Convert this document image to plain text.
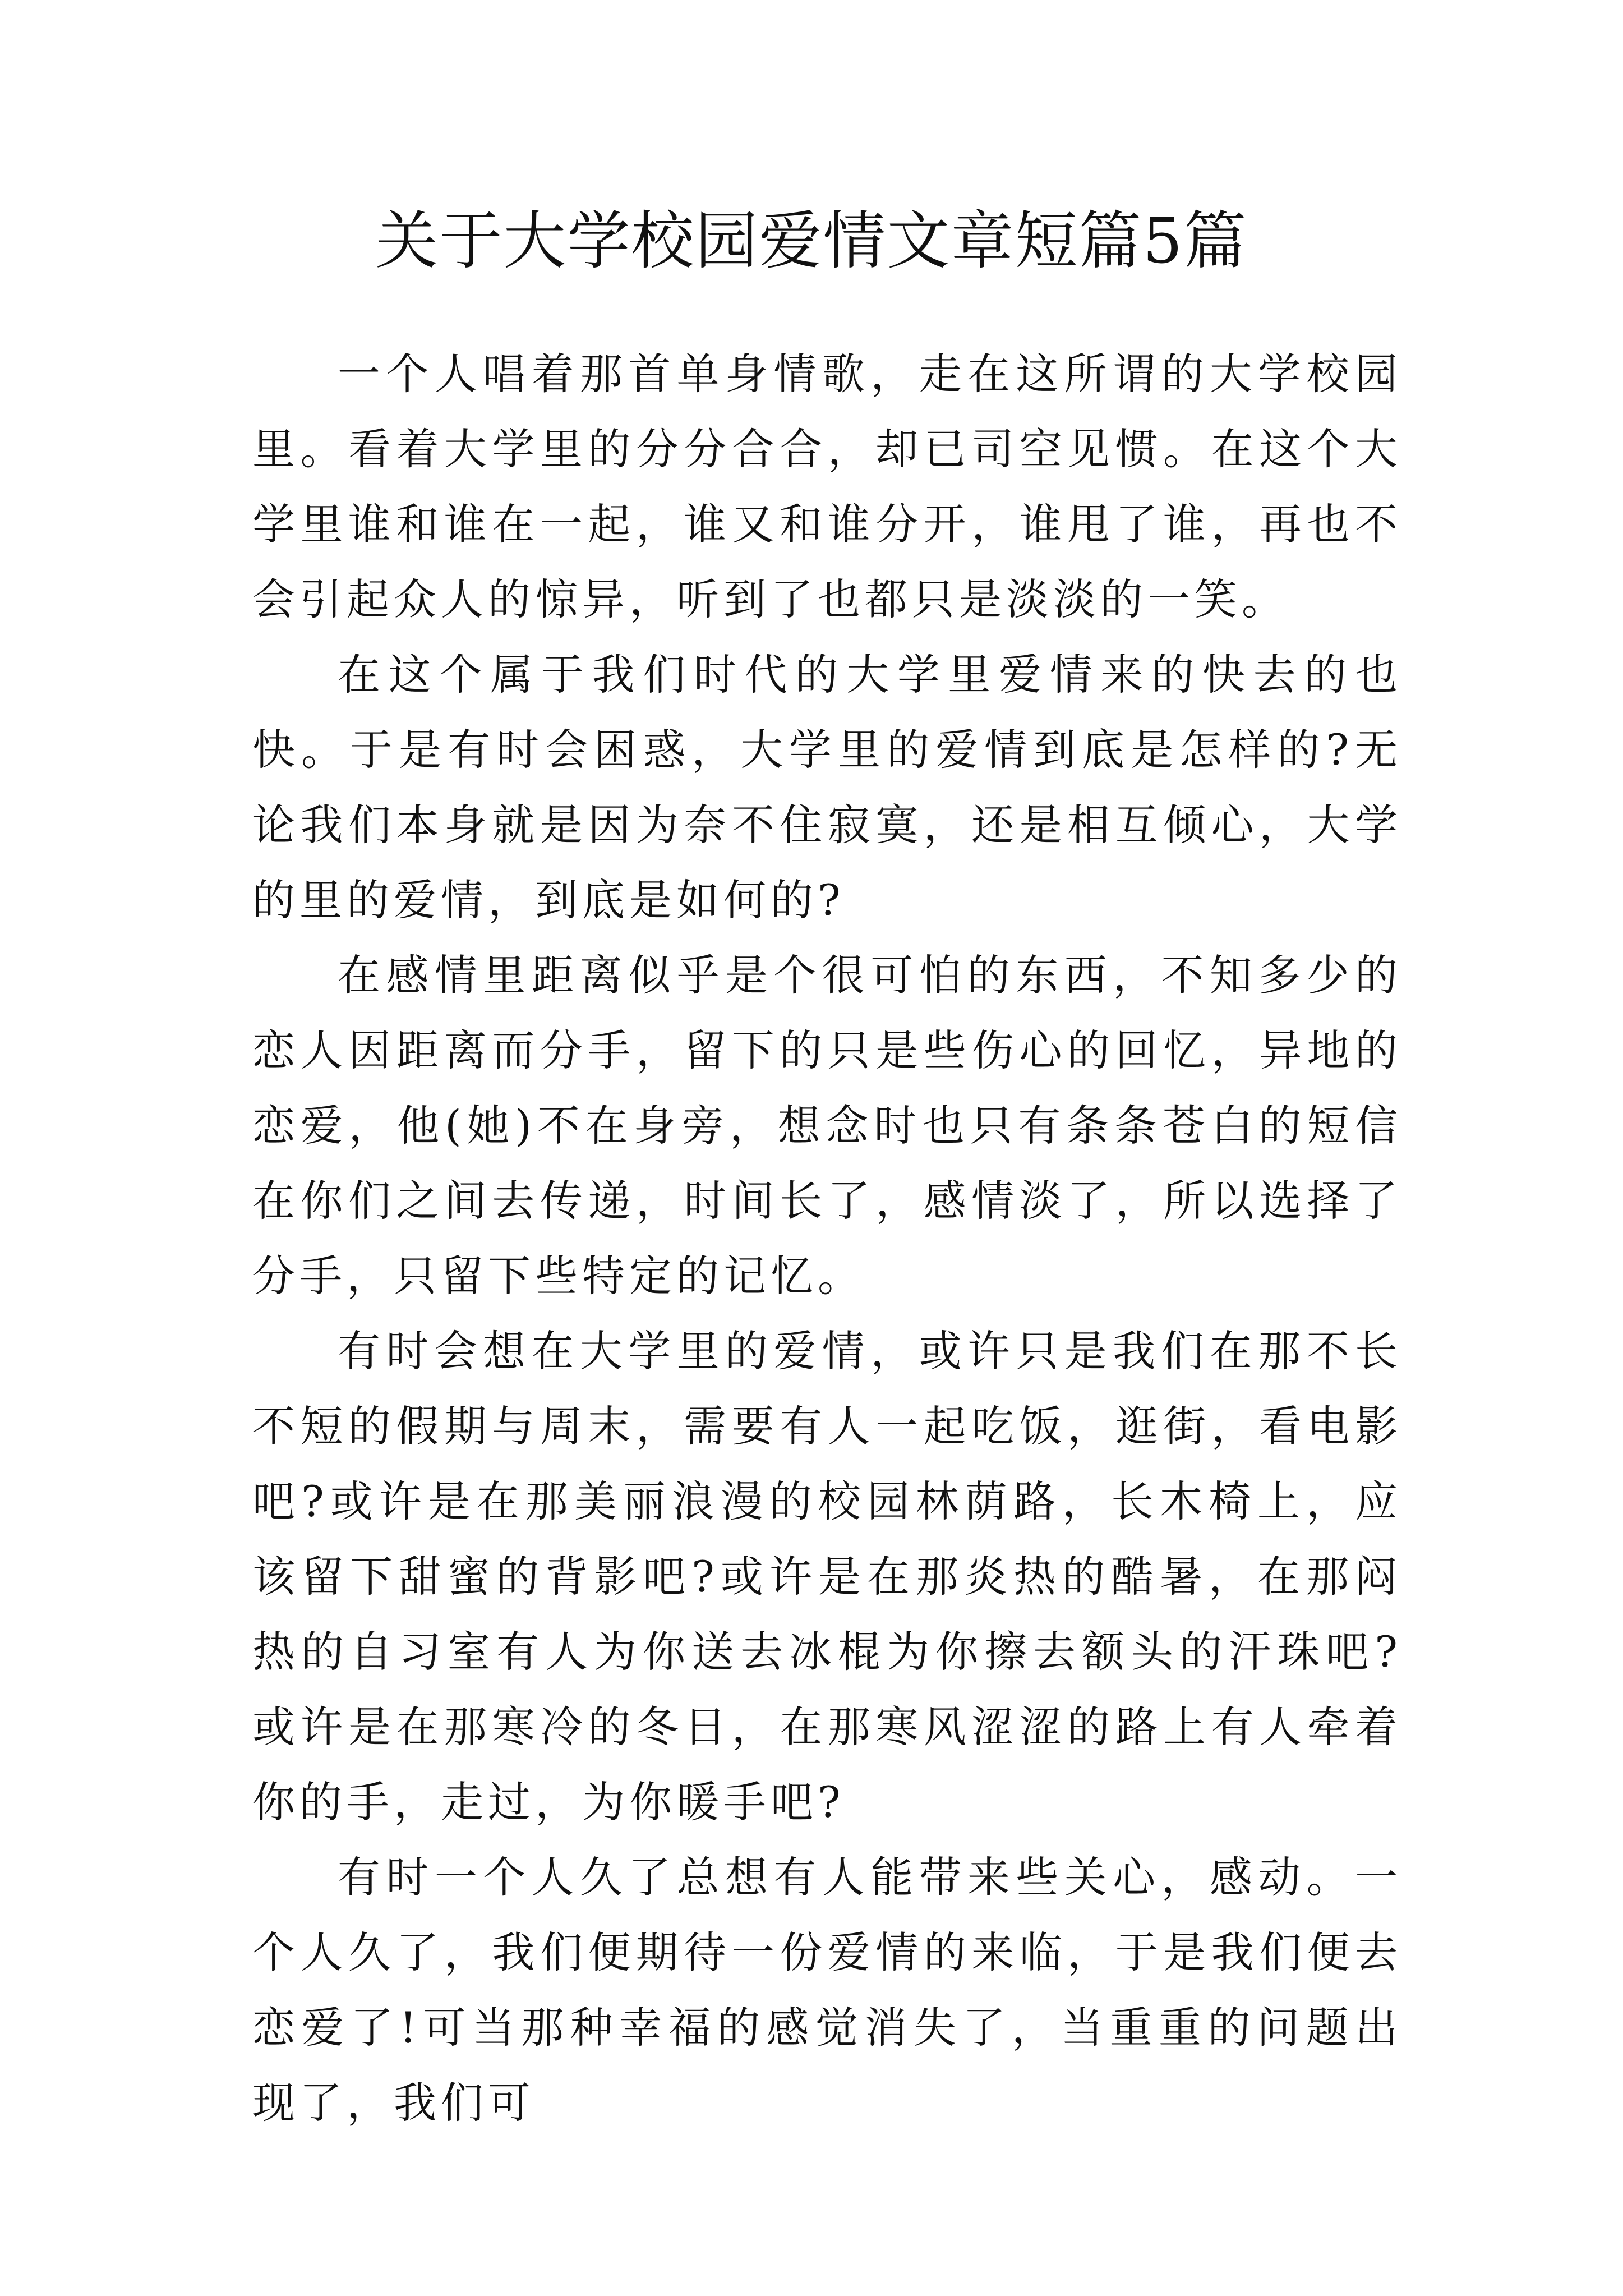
关于大学校园爱情文章短篇5篇

一个人唱着那首单身情歌，走在这所谓的大学校园里。看着大学里的分分合合，却已司空见惯。在这个大学里谁和谁在一起，谁又和谁分开，谁甩了谁，再也不会引起众人的惊异，听到了也都只是淡淡的一笑。

在这个属于我们时代的大学里爱情来的快去的也快。于是有时会困惑，大学里的爱情到底是怎样的?无论我们本身就是因为奈不住寂寞，还是相互倾心，大学的里的爱情，到底是如何的?

在感情里距离似乎是个很可怕的东西，不知多少的恋人因距离而分手，留下的只是些伤心的回忆，异地的恋爱，他(她)不在身旁，想念时也只有条条苍白的短信在你们之间去传递，时间长了，感情淡了，所以选择了分手，只留下些特定的记忆。

有时会想在大学里的爱情，或许只是我们在那不长不短的假期与周末，需要有人一起吃饭，逛街，看电影吧?或许是在那美丽浪漫的校园林荫路，长木椅上，应该留下甜蜜的背影吧?或许是在那炎热的酷暑，在那闷热的自习室有人为你送去冰棍为你擦去额头的汗珠吧?或许是在那寒冷的冬日，在那寒风涩涩的路上有人牵着你的手，走过，为你暖手吧?

有时一个人久了总想有人能带来些关心，感动。一个人久了，我们便期待一份爱情的来临，于是我们便去恋爱了!可当那种幸福的感觉消失了，当重重的问题出现了，我们可
